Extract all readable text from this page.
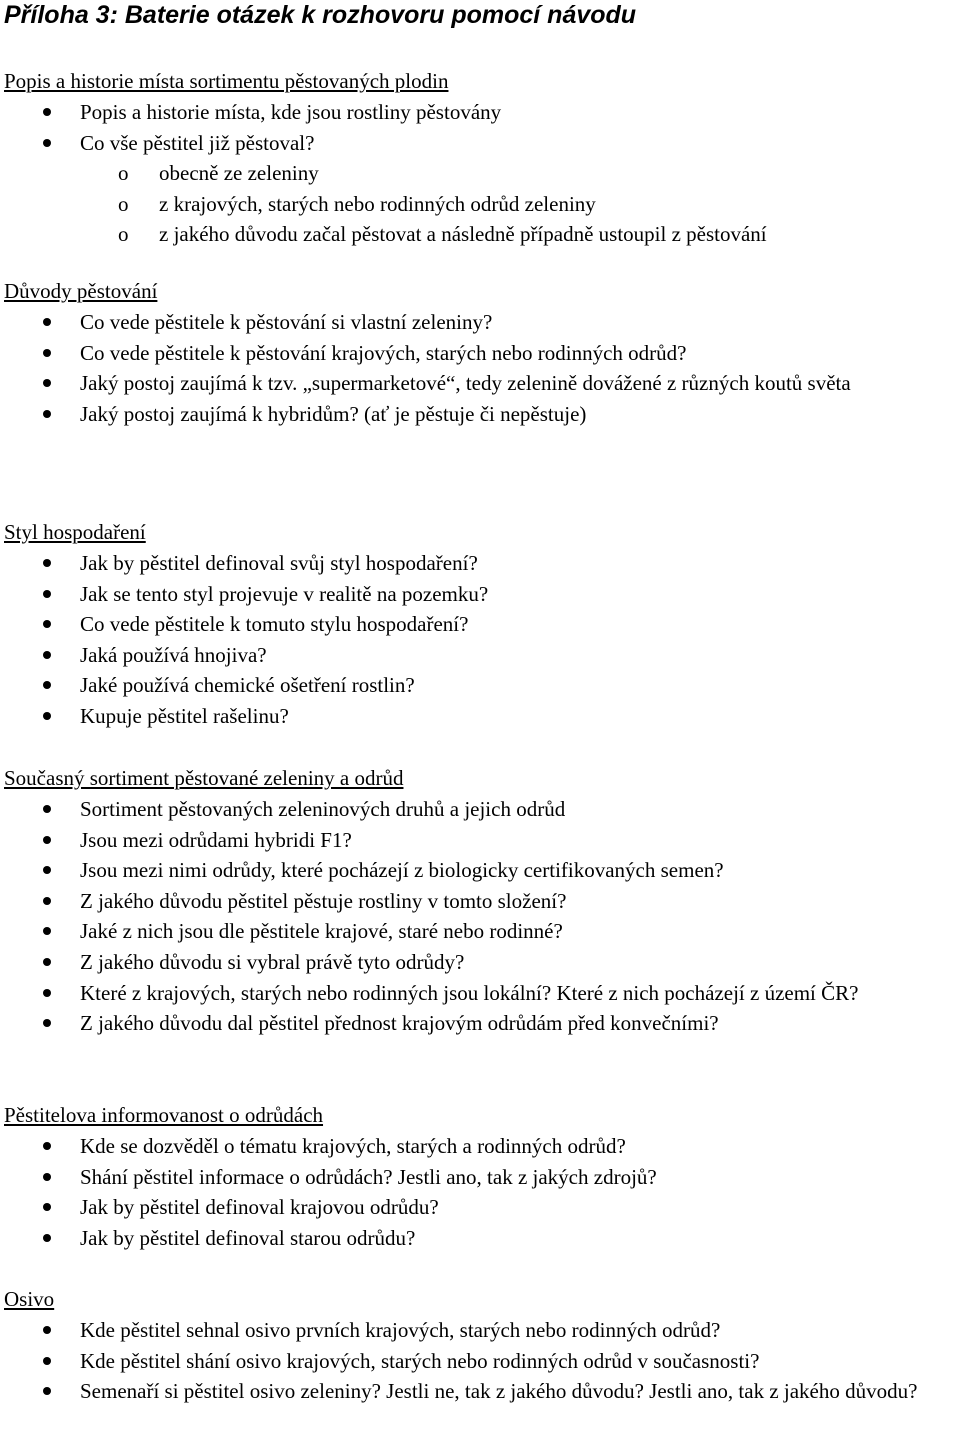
Příloha 3: Baterie otázek k rozhovoru pomocí návodu
Popis a historie místa sortimentu pěstovaných plodin
Popis a historie místa, kde jsou rostliny pěstovány
Co vše pěstitel již pěstoval?
o obecně ze zeleniny
o z krajových, starých nebo rodinných odrůd zeleniny
o z jakého důvodu začal pěstovat a následně případně ustoupil z pěstování
Důvody pěstování
Co vede pěstitele k pěstování si vlastní zeleniny?
Co vede pěstitele k pěstování krajových, starých nebo rodinných odrůd?
Jaký postoj zaujímá k tzv. „supermarketové“, tedy zelenině dovážené z různých koutů světa
Jaký postoj zaujímá k hybridům? (ať je pěstuje či nepěstuje)
Styl hospodaření
Jak by pěstitel definoval svůj styl hospodaření?
Jak se tento styl projevuje v realitě na pozemku?
Co vede pěstitele k tomuto stylu hospodaření?
Jaká používá hnojiva?
Jaké používá chemické ošetření rostlin?
Kupuje pěstitel rašelinu?
Současný sortiment pěstované zeleniny a odrůd
Sortiment pěstovaných zeleninových druhů a jejich odrůd
Jsou mezi odrůdami hybridi F1?
Jsou mezi nimi odrůdy, které pocházejí z biologicky certifikovaných semen?
Z jakého důvodu pěstitel pěstuje rostliny v tomto složení?
Jaké z nich jsou dle pěstitele krajové, staré nebo rodinné?
Z jakého důvodu si vybral právě tyto odrůdy?
Které z krajových, starých nebo rodinných jsou lokální? Které z nich pocházejí z území ČR?
Z jakého důvodu dal pěstitel přednost krajovým odrůdám před konvečními?
Pěstitelova informovanost o odrůdách
Kde se dozvěděl o tématu krajových, starých a rodinných odrůd?
Shání pěstitel informace o odrůdách? Jestli ano, tak z jakých zdrojů?
Jak by pěstitel definoval krajovou odrůdu?
Jak by pěstitel definoval starou odrůdu?
Osivo
Kde pěstitel sehnal osivo prvních krajových, starých nebo rodinných odrůd?
Kde pěstitel shání osivo krajových, starých nebo rodinných odrůd v současnosti?
Semenaří si pěstitel osivo zeleniny? Jestli ne, tak z jakého důvodu? Jestli ano, tak z jakého důvodu?
